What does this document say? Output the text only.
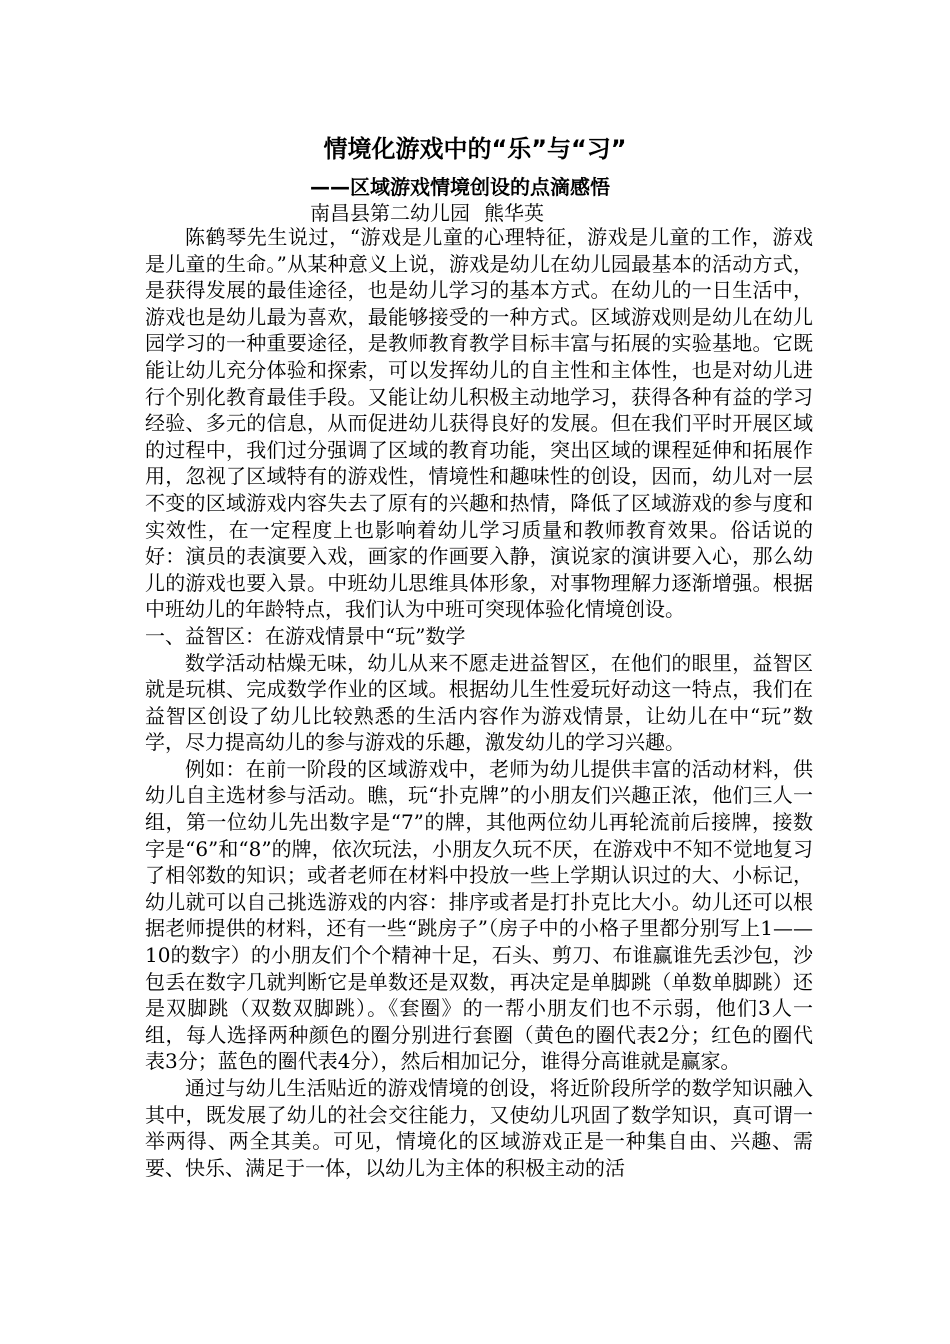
情境化游戏中的“乐”与“习”
——区域游戏情境创设的点滴感悟
南昌县第二幼儿园 熊华英

陈鹤琴先生说过，“游戏是儿童的心理特征，游戏是儿童的工作，游戏是儿童的生命。”从某种意义上说，游戏是幼儿在幼儿园最基本的活动方式，是获得发展的最佳途径，也是幼儿学习的基本方式。在幼儿的一日生活中，游戏也是幼儿最为喜欢，最能够接受的一种方式。区域游戏则是幼儿在幼儿园学习的一种重要途径，是教师教育教学目标丰富与拓展的实验基地。它既能让幼儿充分体验和探索，可以发挥幼儿的自主性和主体性，也是对幼儿进行个别化教育最佳手段。又能让幼儿积极主动地学习，获得各种有益的学习经验、多元的信息，从而促进幼儿获得良好的发展。但在我们平时开展区域的过程中，我们过分强调了区域的教育功能，突出区域的课程延伸和拓展作用，忽视了区域特有的游戏性，情境性和趣味性的创设，因而，幼儿对一层不变的区域游戏内容失去了原有的兴趣和热情，降低了区域游戏的参与度和实效性，在一定程度上也影响着幼儿学习质量和教师教育效果。俗话说的好：演员的表演要入戏，画家的作画要入静，演说家的演讲要入心，那么幼儿的游戏也要入景。中班幼儿思维具体形象，对事物理解力逐渐增强。根据中班幼儿的年龄特点，我们认为中班可突现体验化情境创设。

一、益智区：在游戏情景中“玩”数学

数学活动枯燥无味，幼儿从来不愿走进益智区，在他们的眼里，益智区就是玩棋、完成数学作业的区域。根据幼儿生性爱玩好动这一特点，我们在益智区创设了幼儿比较熟悉的生活内容作为游戏情景，让幼儿在中“玩”数学，尽力提高幼儿的参与游戏的乐趣，激发幼儿的学习兴趣。

例如：在前一阶段的区域游戏中，老师为幼儿提供丰富的活动材料，供幼儿自主选材参与活动。瞧，玩“扑克牌”的小朋友们兴趣正浓，他们三人一组，第一位幼儿先出数字是“7”的牌，其他两位幼儿再轮流前后接牌，接数字是“6”和“8”的牌，依次玩法，小朋友久玩不厌，在游戏中不知不觉地复习了相邻数的知识；或者老师在材料中投放一些上学期认识过的大、小标记，幼儿就可以自己挑选游戏的内容：排序或者是打扑克比大小。幼儿还可以根据老师提供的材料，还有一些“跳房子”（房子中的小格子里都分别写上1——10的数字）的小朋友们个个精神十足，石头、剪刀、布谁赢谁先丢沙包，沙包丢在数字几就判断它是单数还是双数，再决定是单脚跳（单数单脚跳）还是双脚跳（双数双脚跳）。《套圈》的一帮小朋友们也不示弱，他们3人一组，每人选择两种颜色的圈分别进行套圈（黄色的圈代表2分；红色的圈代表3分；蓝色的圈代表4分），然后相加记分，谁得分高谁就是赢家。

通过与幼儿生活贴近的游戏情境的创设，将近阶段所学的数学知识融入其中，既发展了幼儿的社会交往能力，又使幼儿巩固了数学知识，真可谓一举两得、两全其美。可见，情境化的区域游戏正是一种集自由、兴趣、需要、快乐、满足于一体，以幼儿为主体的积极主动的活
